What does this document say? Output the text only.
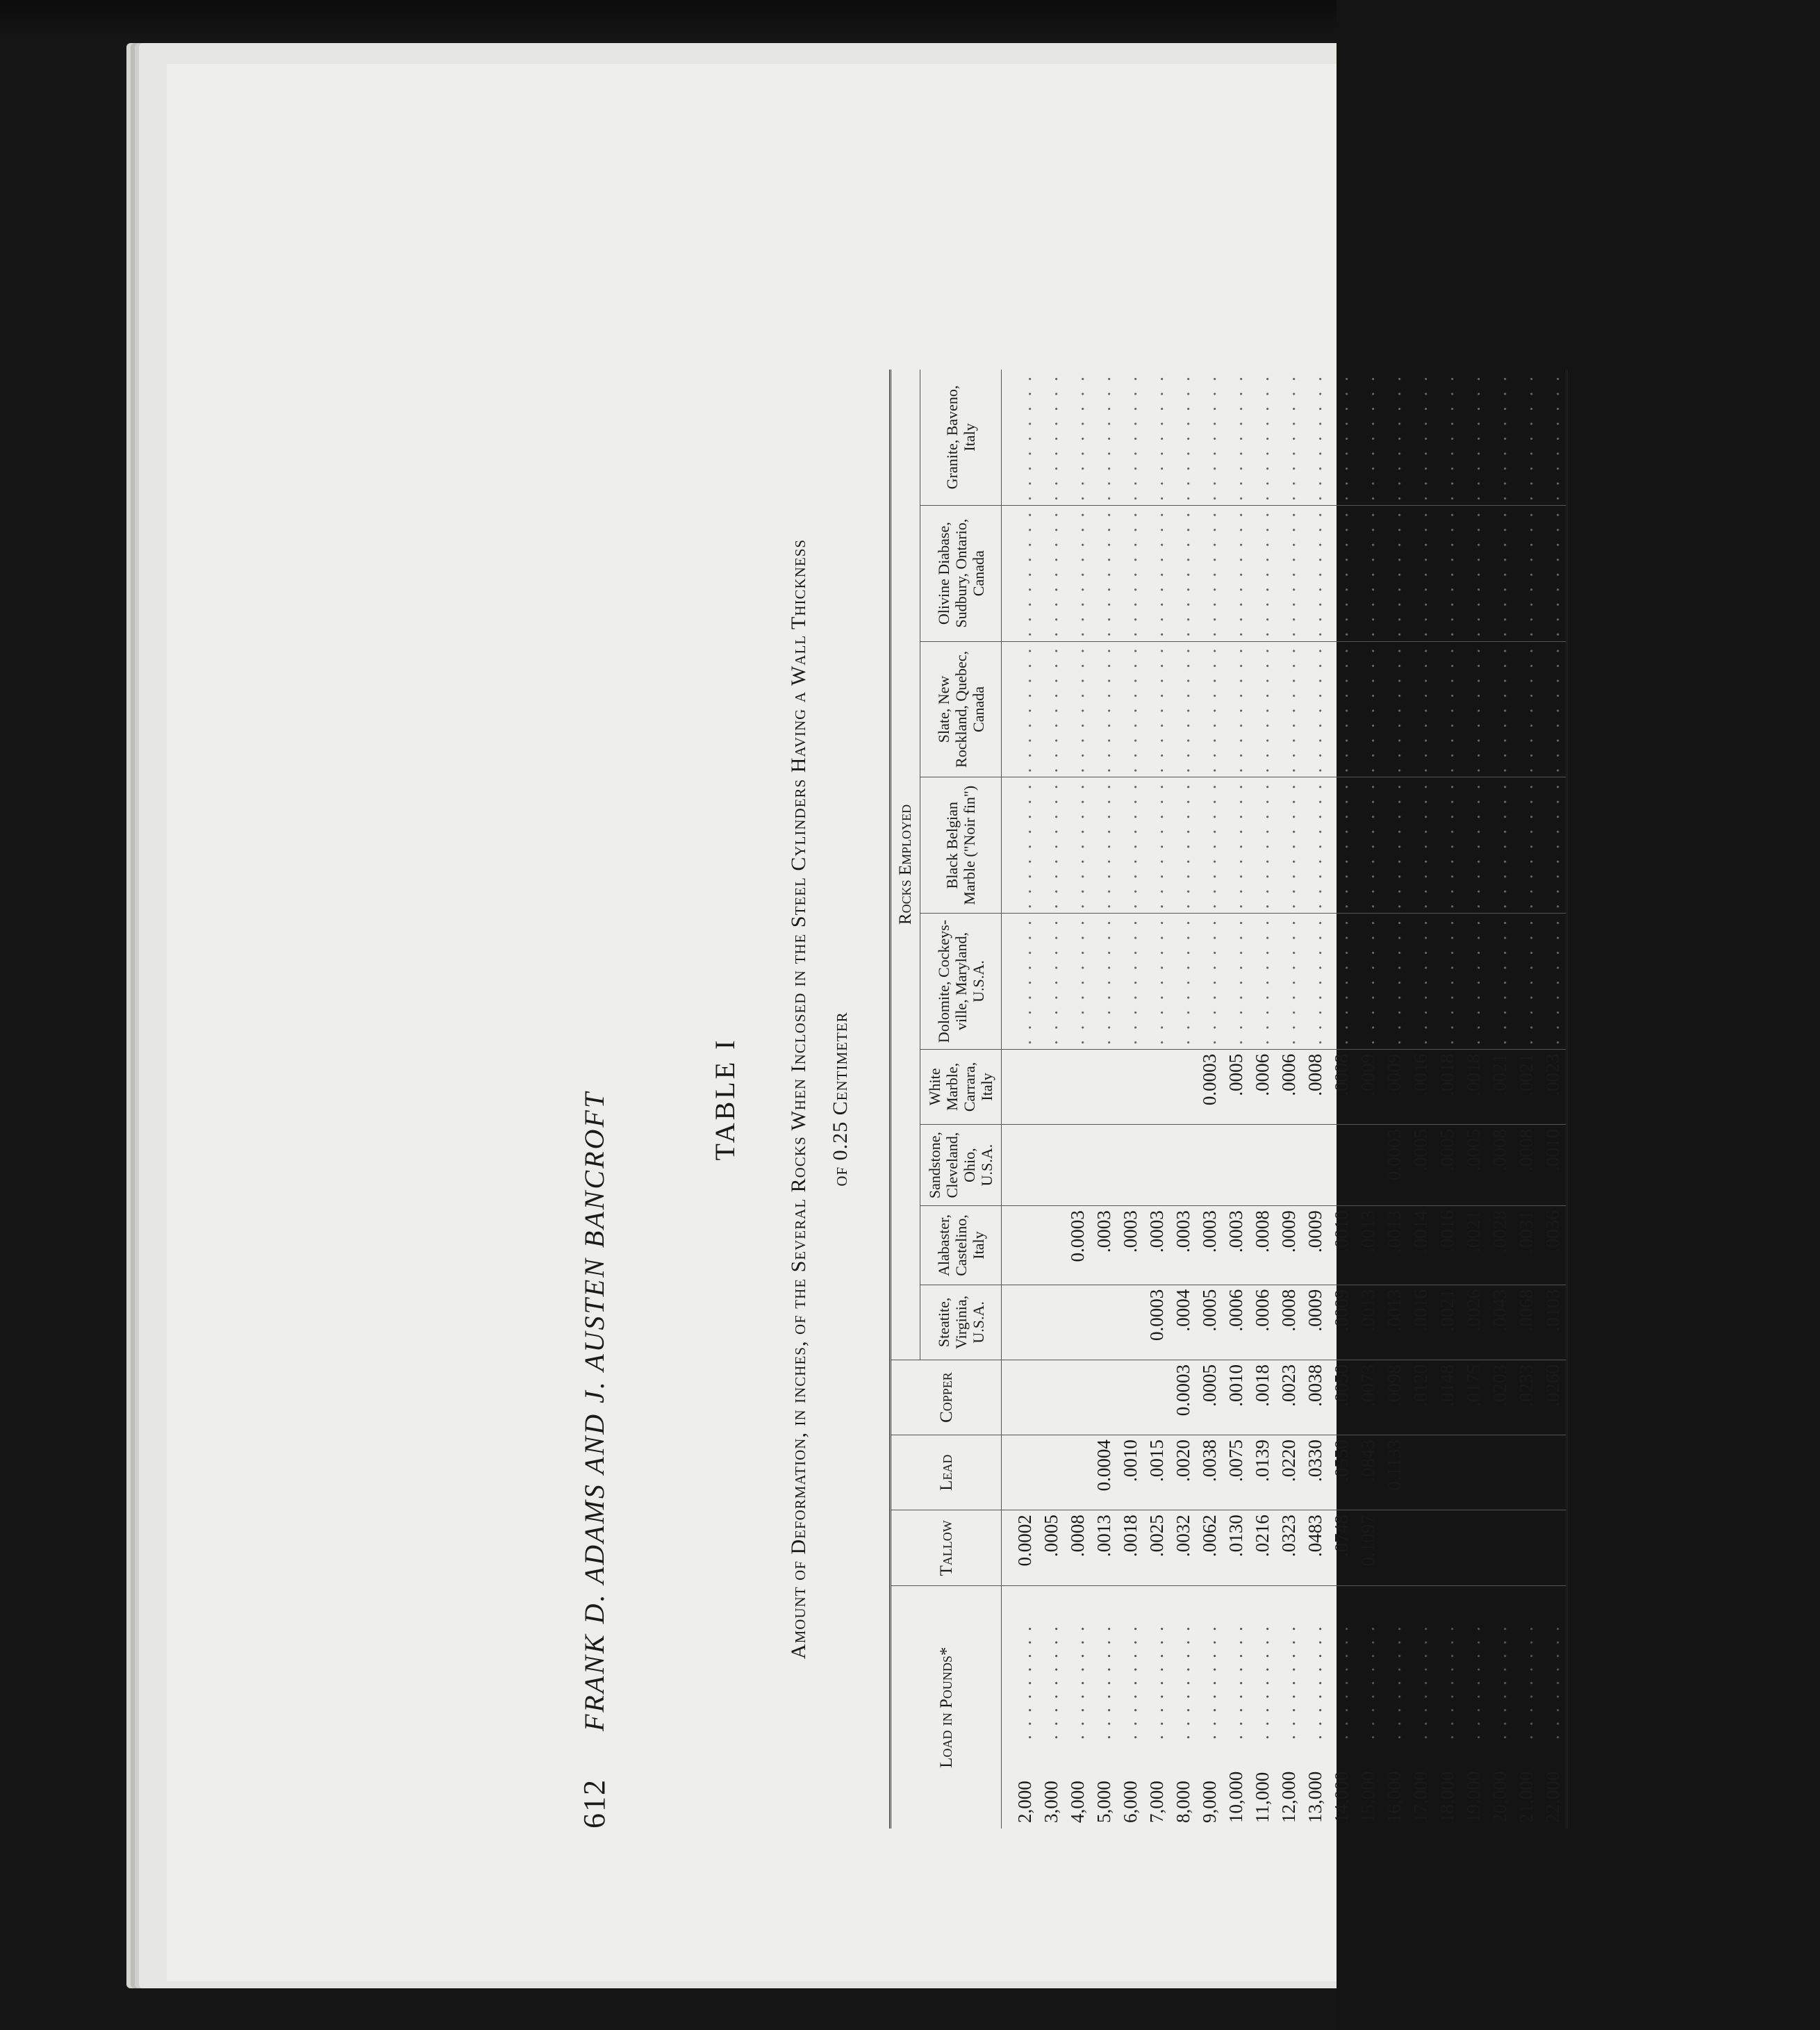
612
FRANK D. ADAMS AND J. AUSTEN BANCROFT	TABLE I	Amount of Deformation, in inches, of the Several Rocks When Inclosed in the Steel Cylinders Having a Wall Thickness of 0.25 Centimeter
Load in Pounds*	Tallow	Lead	Copper	Rocks Employed								
				Steatite, Virginia, U.S.A.	Alabaster, Castelino, Italy	Sandstone, Cleveland, Ohio, U.S.A.	White Marble, Carrara, Italy	Dolomite, Cockeys-ville, Maryland, U.S.A.	Black Belgian Marble ("Noir fin")	Slate, New Rockland, Quebec, Canada	Olivine Diabase, Sudbury, Ontario, Canada	Granite, Baveno, Italy
2,000. . . . . . . . .	0.0002							. . . . . . . . .	. . . . . . . . .	. . . . . . . . .	. . . . . . . . .	. . . . . . . . .
3,000. . . . . . . . .	.0005							. . . . . . . . .	. . . . . . . . .	. . . . . . . . .	. . . . . . . . .	. . . . . . . . .
4,000. . . . . . . . .	.0008				0.0003			. . . . . . . . .	. . . . . . . . .	. . . . . . . . .	. . . . . . . . .	. . . . . . . . .
5,000. . . . . . . . .	.0013	0.0004			.0003			. . . . . . . . .	. . . . . . . . .	. . . . . . . . .	. . . . . . . . .	. . . . . . . . .
6,000. . . . . . . . .	.0018	.0010			.0003			. . . . . . . . .	. . . . . . . . .	. . . . . . . . .	. . . . . . . . .	. . . . . . . . .
7,000. . . . . . . . .	.0025	.0015		0.0003	.0003			. . . . . . . . .	. . . . . . . . .	. . . . . . . . .	. . . . . . . . .	. . . . . . . . .
8,000. . . . . . . . .	.0032	.0020	0.0003	.0004	.0003			. . . . . . . . .	. . . . . . . . .	. . . . . . . . .	. . . . . . . . .	. . . . . . . . .
9,000. . . . . . . . .	.0062	.0038	.0005	.0005	.0003		0.0003	. . . . . . . . .	. . . . . . . . .	. . . . . . . . .	. . . . . . . . .	. . . . . . . . .
10,000. . . . . . . . .	.0130	.0075	.0010	.0006	.0003		.0005	. . . . . . . . .	. . . . . . . . .	. . . . . . . . .	. . . . . . . . .	. . . . . . . . .
11,000. . . . . . . . .	.0216	.0139	.0018	.0006	.0008		.0006	. . . . . . . . .	. . . . . . . . .	. . . . . . . . .	. . . . . . . . .	. . . . . . . . .
12,000. . . . . . . . .	.0323	.0220	.0023	.0008	.0009		.0006	. . . . . . . . .	. . . . . . . . .	. . . . . . . . .	. . . . . . . . .	. . . . . . . . .
13,000. . . . . . . . .	.0483	.0330	.0038	.0009	.0009		.0008	. . . . . . . . .	. . . . . . . . .	. . . . . . . . .	. . . . . . . . .	. . . . . . . . .
14,000. . . . . . . . .	.0748	.0550	.0050	.0009	.0010		.0008	. . . . . . . . .	. . . . . . . . .	. . . . . . . . .	. . . . . . . . .	. . . . . . . . .
15,000. . . . . . . . .	0.1097	.0843	.0073	.0013	.0013		.0009	. . . . . . . . .	. . . . . . . . .	. . . . . . . . .	. . . . . . . . .	. . . . . . . . .
16,000. . . . . . . . .		0.1133	.0098	.0013	.0013	0.0003	.0009	. . . . . . . . .	. . . . . . . . .	. . . . . . . . .	. . . . . . . . .	. . . . . . . . .
17,000. . . . . . . . .			.0120	.0016	.0014	.0005	.0016	. . . . . . . . .	. . . . . . . . .	. . . . . . . . .	. . . . . . . . .	. . . . . . . . .
18,000. . . . . . . . .			.0148	.0021	.0016	.0005	.0018	. . . . . . . . .	. . . . . . . . .	. . . . . . . . .	. . . . . . . . .	. . . . . . . . .
19,000. . . . . . . . .			.0175	.0026	.0021	.0005	.0018	. . . . . . . . .	. . . . . . . . .	. . . . . . . . .	. . . . . . . . .	. . . . . . . . .
20,000. . . . . . . . .			.0203	.0043	.0028	.0008	.0021	. . . . . . . . .	. . . . . . . . .	. . . . . . . . .	. . . . . . . . .	. . . . . . . . .
21,000. . . . . . . . .			.0233	.0068	.0031	.0008	.0021	. . . . . . . . .	. . . . . . . . .	. . . . . . . . .	. . . . . . . . .	. . . . . . . . .
22,000. . . . . . . . .			.0260	.0103	.0036	.0010	.0023	. . . . . . . . .	. . . . . . . . .	. . . . . . . . .	. . . . . . . . .	. . . . . . . . .
